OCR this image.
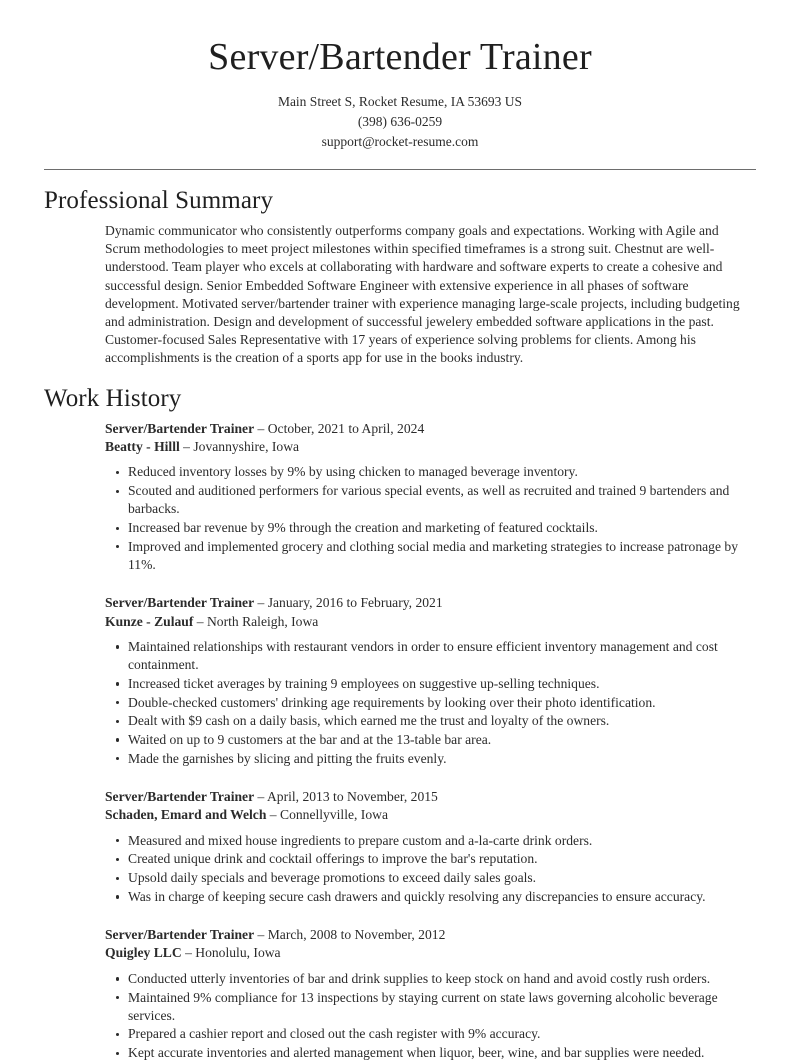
Server/Bartender Trainer
Main Street S, Rocket Resume, IA 53693 US
(398) 636-0259
support@rocket-resume.com
Professional Summary

Dynamic communicator who consistently outperforms company goals and expectations. Working with Agile and Scrum methodologies to meet project milestones within specified timeframes is a strong suit. Chestnut are well-understood. Team player who excels at collaborating with hardware and software experts to create a cohesive and successful design. Senior Embedded Software Engineer with extensive experience in all phases of software development. Motivated server/bartender trainer with experience managing large-scale projects, including budgeting and administration. Design and development of successful jewelery embedded software applications in the past. Customer-focused Sales Representative with 17 years of experience solving problems for clients. Among his accomplishments is the creation of a sports app for use in the books industry.

Work History
Server/Bartender Trainer – October, 2021 to April, 2024
Beatty - Hilll – Jovannyshire, Iowa
Reduced inventory losses by 9% by using chicken to managed beverage inventory.
Scouted and auditioned performers for various special events, as well as recruited and trained 9 bartenders and barbacks.
Increased bar revenue by 9% through the creation and marketing of featured cocktails.
Improved and implemented grocery and clothing social media and marketing strategies to increase patronage by 11%.
Server/Bartender Trainer – January, 2016 to February, 2021
Kunze - Zulauf – North Raleigh, Iowa
Maintained relationships with restaurant vendors in order to ensure efficient inventory management and cost containment.
Increased ticket averages by training 9 employees on suggestive up-selling techniques.
Double-checked customers' drinking age requirements by looking over their photo identification.
Dealt with $9 cash on a daily basis, which earned me the trust and loyalty of the owners.
Waited on up to 9 customers at the bar and at the 13-table bar area.
Made the garnishes by slicing and pitting the fruits evenly.
Server/Bartender Trainer – April, 2013 to November, 2015
Schaden, Emard and Welch – Connellyville, Iowa
Measured and mixed house ingredients to prepare custom and a-la-carte drink orders.
Created unique drink and cocktail offerings to improve the bar's reputation.
Upsold daily specials and beverage promotions to exceed daily sales goals.
Was in charge of keeping secure cash drawers and quickly resolving any discrepancies to ensure accuracy.
Server/Bartender Trainer – March, 2008 to November, 2012
Quigley LLC – Honolulu, Iowa
Conducted utterly inventories of bar and drink supplies to keep stock on hand and avoid costly rush orders.
Maintained 9% compliance for 13 inspections by staying current on state laws governing alcoholic beverage services.
Prepared a cashier report and closed out the cash register with 9% accuracy.
Kept accurate inventories and alerted management when liquor, beer, wine, and bar supplies were needed.
